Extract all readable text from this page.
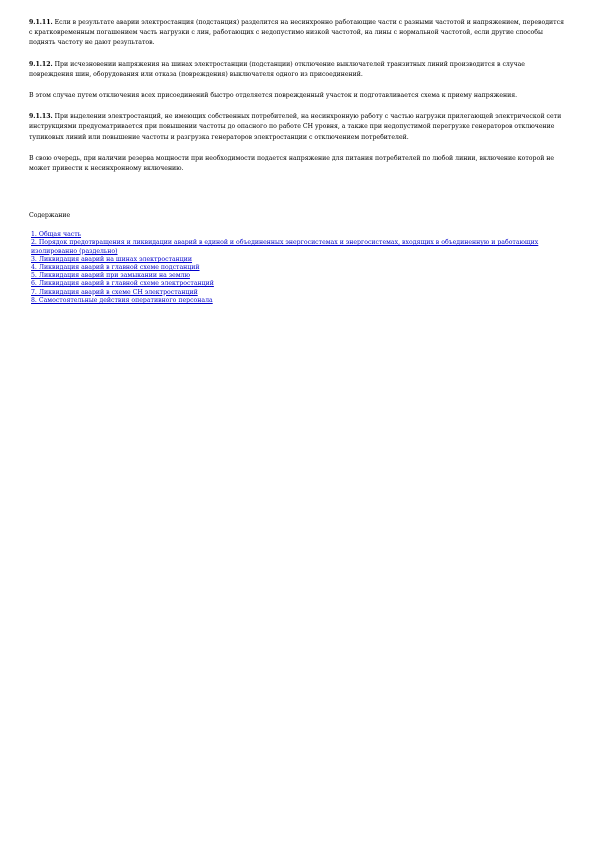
9.1.11. Если в результате аварии электростанция (подстанция) разделится на несинхронно работающие части с разными частотой и напряжением, переводится с кратковременным погашением часть нагрузки с лин, работающих с недопустимо низкой частотой, на лины с нормальной частотой, если другие способы поднять частоту не дают результатов.

9.1.12. При исчезновении напряжения на шинах электростанции (подстанции) отключение выключателей транзитных линий производится в случае повреждения шин, оборудования или отказа (повреждения) выключателя одного из присоединений.

В этом случае путем отключения всех присоединений быстро отделяется поврежденный участок и подготавливается схема к приему напряжения.

9.1.13. При выделении электростанций, не имеющих собственных потребителей, на несинхронную работу с частью нагрузки прилегающей электрической сети инструкциями предусматривается при повышении частоты до опасного по работе СН уровня, а также при недопустимой перегрузке генераторов отключение тупиковых линий или повышение частоты и разгрузка генераторов электростанции с отключением потребителей.

В свою очередь, при наличии резерва мощности при необходимости подается напряжение для питания потребителей по любой линии, включение которой не может привести к несинхронному включению.

Содержание
1. Общая часть
2. Порядок предотвращения и ликвидации аварий в единой и объединенных энергосистемах и энергосистемах, входящих в объединенную и работающих изолированно (раздельно)
3. Ликвидация аварий на шинах электростанции
4. Ликвидация аварий в главной схеме подстанций
5. Ликвидация аварий при замыкании на землю
6. Ликвидация аварий в главной схеме электростанций
7. Ликвидация аварий в схеме СН электростанций
8. Самостоятельные действия оперативного персонала
